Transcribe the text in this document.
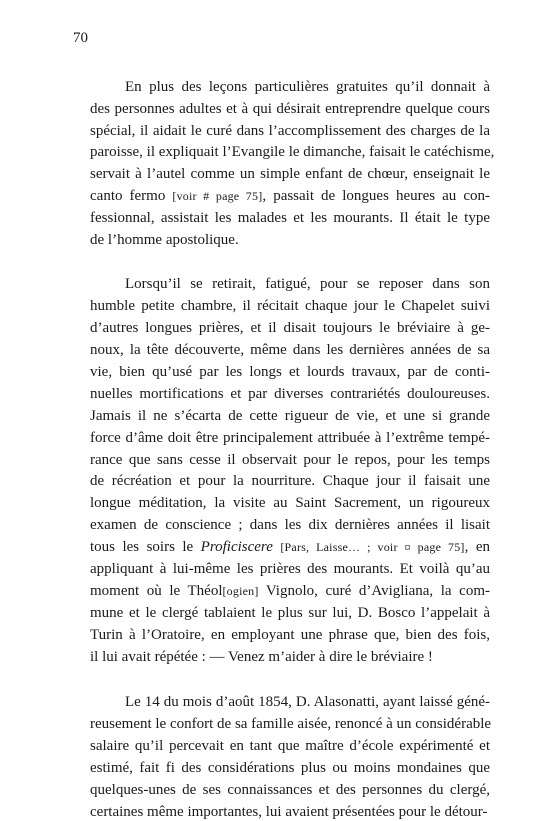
70
En plus des leçons particulières gratuites qu’il donnait à
des personnes adultes et à qui désirait entreprendre quelque cours
spécial, il aidait le curé dans l’accomplissement des charges de la
paroisse, il expliquait l’Evangile le dimanche, faisait le catéchisme,
servait à l’autel comme un simple enfant de chœur, enseignait le
canto fermo [voir # page 75], passait de longues heures au con-
fessionnal, assistait les malades et les mourants. Il était le type
de l’homme apostolique.
Lorsqu’il se retirait, fatigué, pour se reposer dans son
humble petite chambre, il récitait chaque jour le Chapelet suivi
d’autres longues prières, et il disait toujours le bréviaire à ge-
noux, la tête découverte, même dans les dernières années de sa
vie, bien qu’usé par les longs et lourds travaux, par de conti-
nuelles mortifications et par diverses contrariétés douloureuses.
Jamais il ne s’écarta de cette rigueur de vie, et une si grande
force d’âme doit être principalement attribuée à l’extrême tempé-
rance que sans cesse il observait pour le repos, pour les temps
de récréation et pour la nourriture. Chaque jour il faisait une
longue méditation, la visite au Saint Sacrement, un rigoureux
examen de conscience ; dans les dix dernières années il lisait
tous les soirs le Proficiscere [Pars, Laisse… ; voir ¤ page 75], en
appliquant à lui-même les prières des mourants. Et voilà qu’au
moment où le Théol[ogien] Vignolo, curé d’Avigliana, la com-
mune et le clergé tablaient le plus sur lui, D. Bosco l’appelait à
Turin à l’Oratoire, en employant une phrase que, bien des fois,
il lui avait répétée : — Venez m’aider à dire le bréviaire !
Le 14 du mois d’août 1854, D. Alasonatti, ayant laissé géné-
reusement le confort de sa famille aisée, renoncé à un considérable
salaire qu’il percevait en tant que maître d’école expérimenté et
estimé, fait fi des considérations plus ou moins mondaines que
quelques-unes de ses connaissances et des personnes du clergé,
certaines même importantes, lui avaient présentées pour le détour-
